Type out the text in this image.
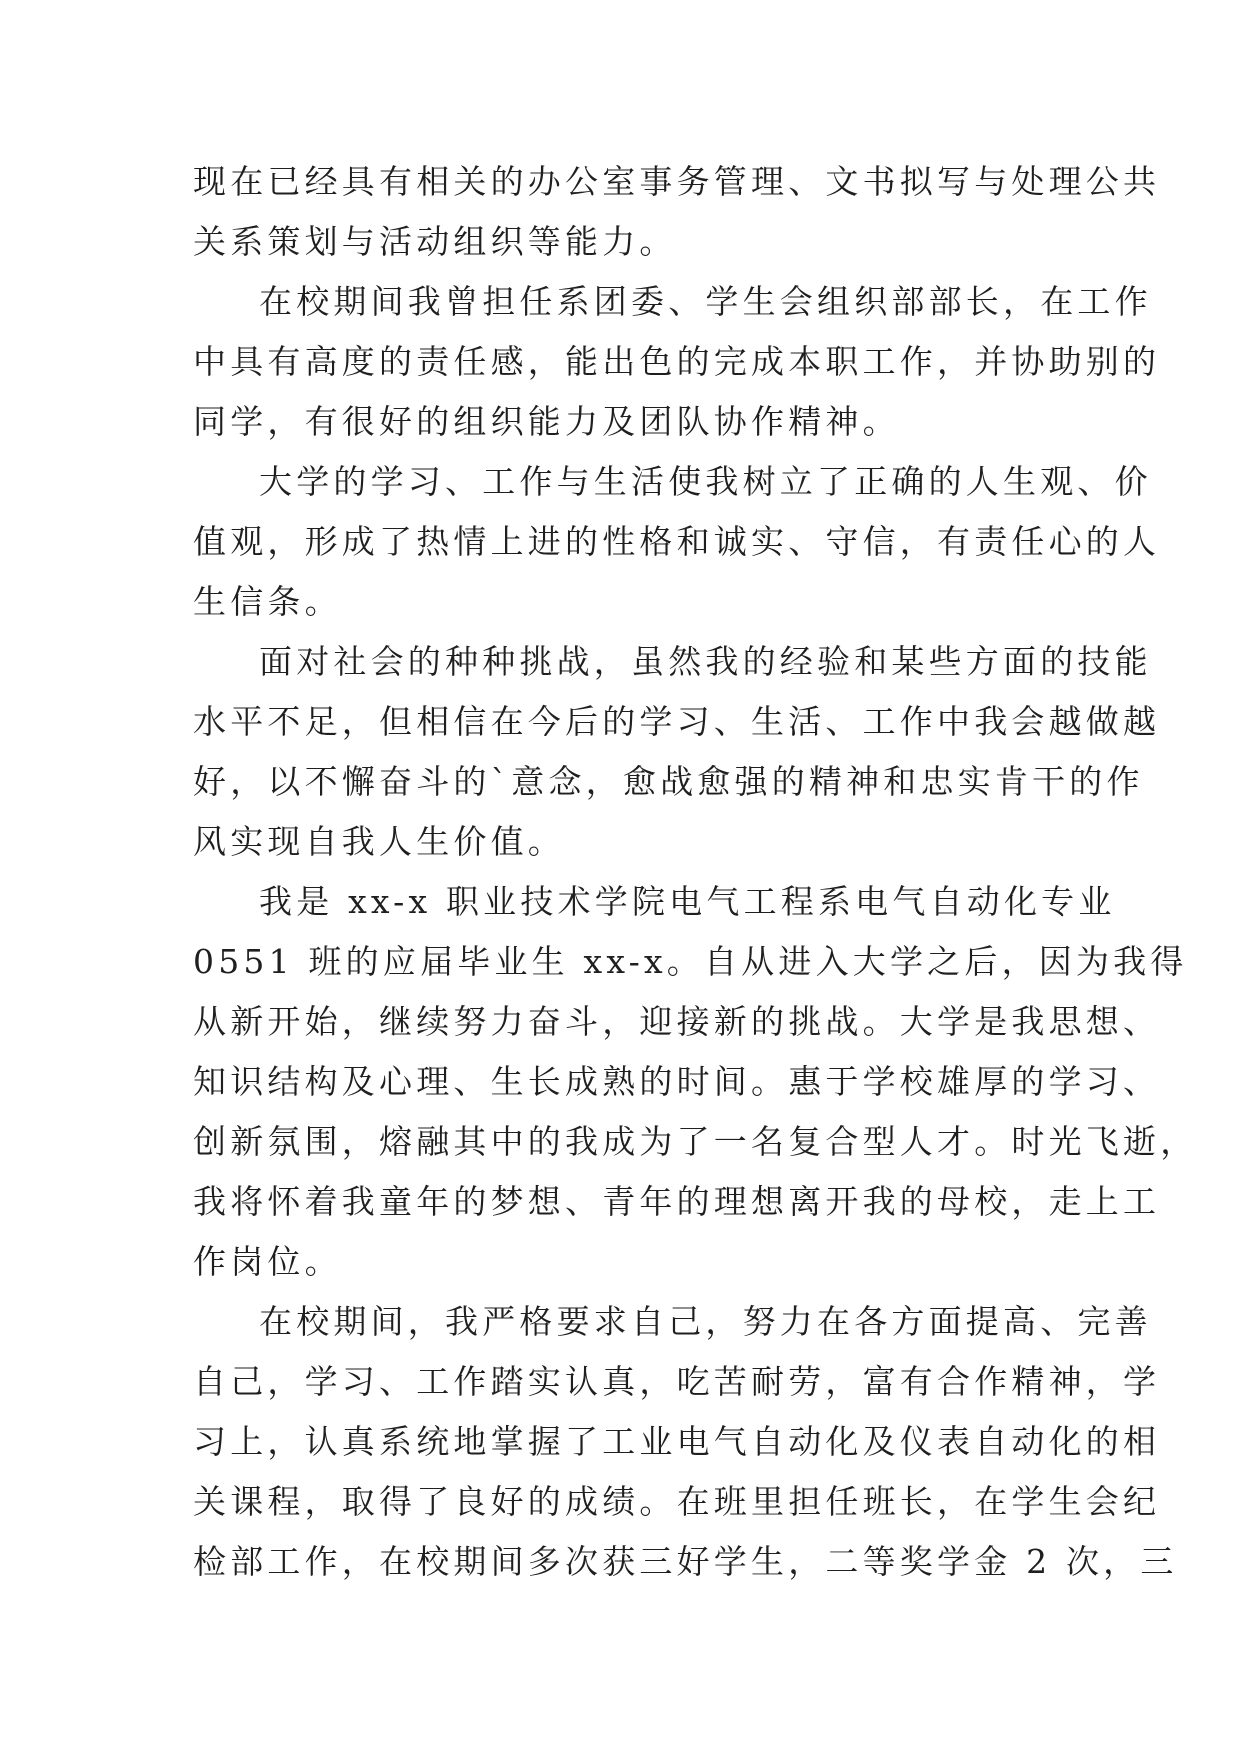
现在已经具有相关的办公室事务管理、文书拟写与处理公共
关系策划与活动组织等能力。
在校期间我曾担任系团委、学生会组织部部长，在工作
中具有高度的责任感，能出色的完成本职工作，并协助别的
同学，有很好的组织能力及团队协作精神。
大学的学习、工作与生活使我树立了正确的人生观、价
值观，形成了热情上进的性格和诚实、守信，有责任心的人
生信条。
面对社会的种种挑战，虽然我的经验和某些方面的技能
水平不足，但相信在今后的学习、生活、工作中我会越做越
好，以不懈奋斗的`意念，愈战愈强的精神和忠实肯干的作
风实现自我人生价值。
我是 xx-x 职业技术学院电气工程系电气自动化专业
0551 班的应届毕业生 xx-x。自从进入大学之后，因为我得
从新开始，继续努力奋斗，迎接新的挑战。大学是我思想、
知识结构及心理、生长成熟的时间。惠于学校雄厚的学习、
创新氛围，熔融其中的我成为了一名复合型人才。时光飞逝，
我将怀着我童年的梦想、青年的理想离开我的母校，走上工
作岗位。
在校期间，我严格要求自己，努力在各方面提高、完善
自己，学习、工作踏实认真，吃苦耐劳，富有合作精神，学
习上，认真系统地掌握了工业电气自动化及仪表自动化的相
关课程，取得了良好的成绩。在班里担任班长，在学生会纪
检部工作，在校期间多次获三好学生，二等奖学金 2 次，三
